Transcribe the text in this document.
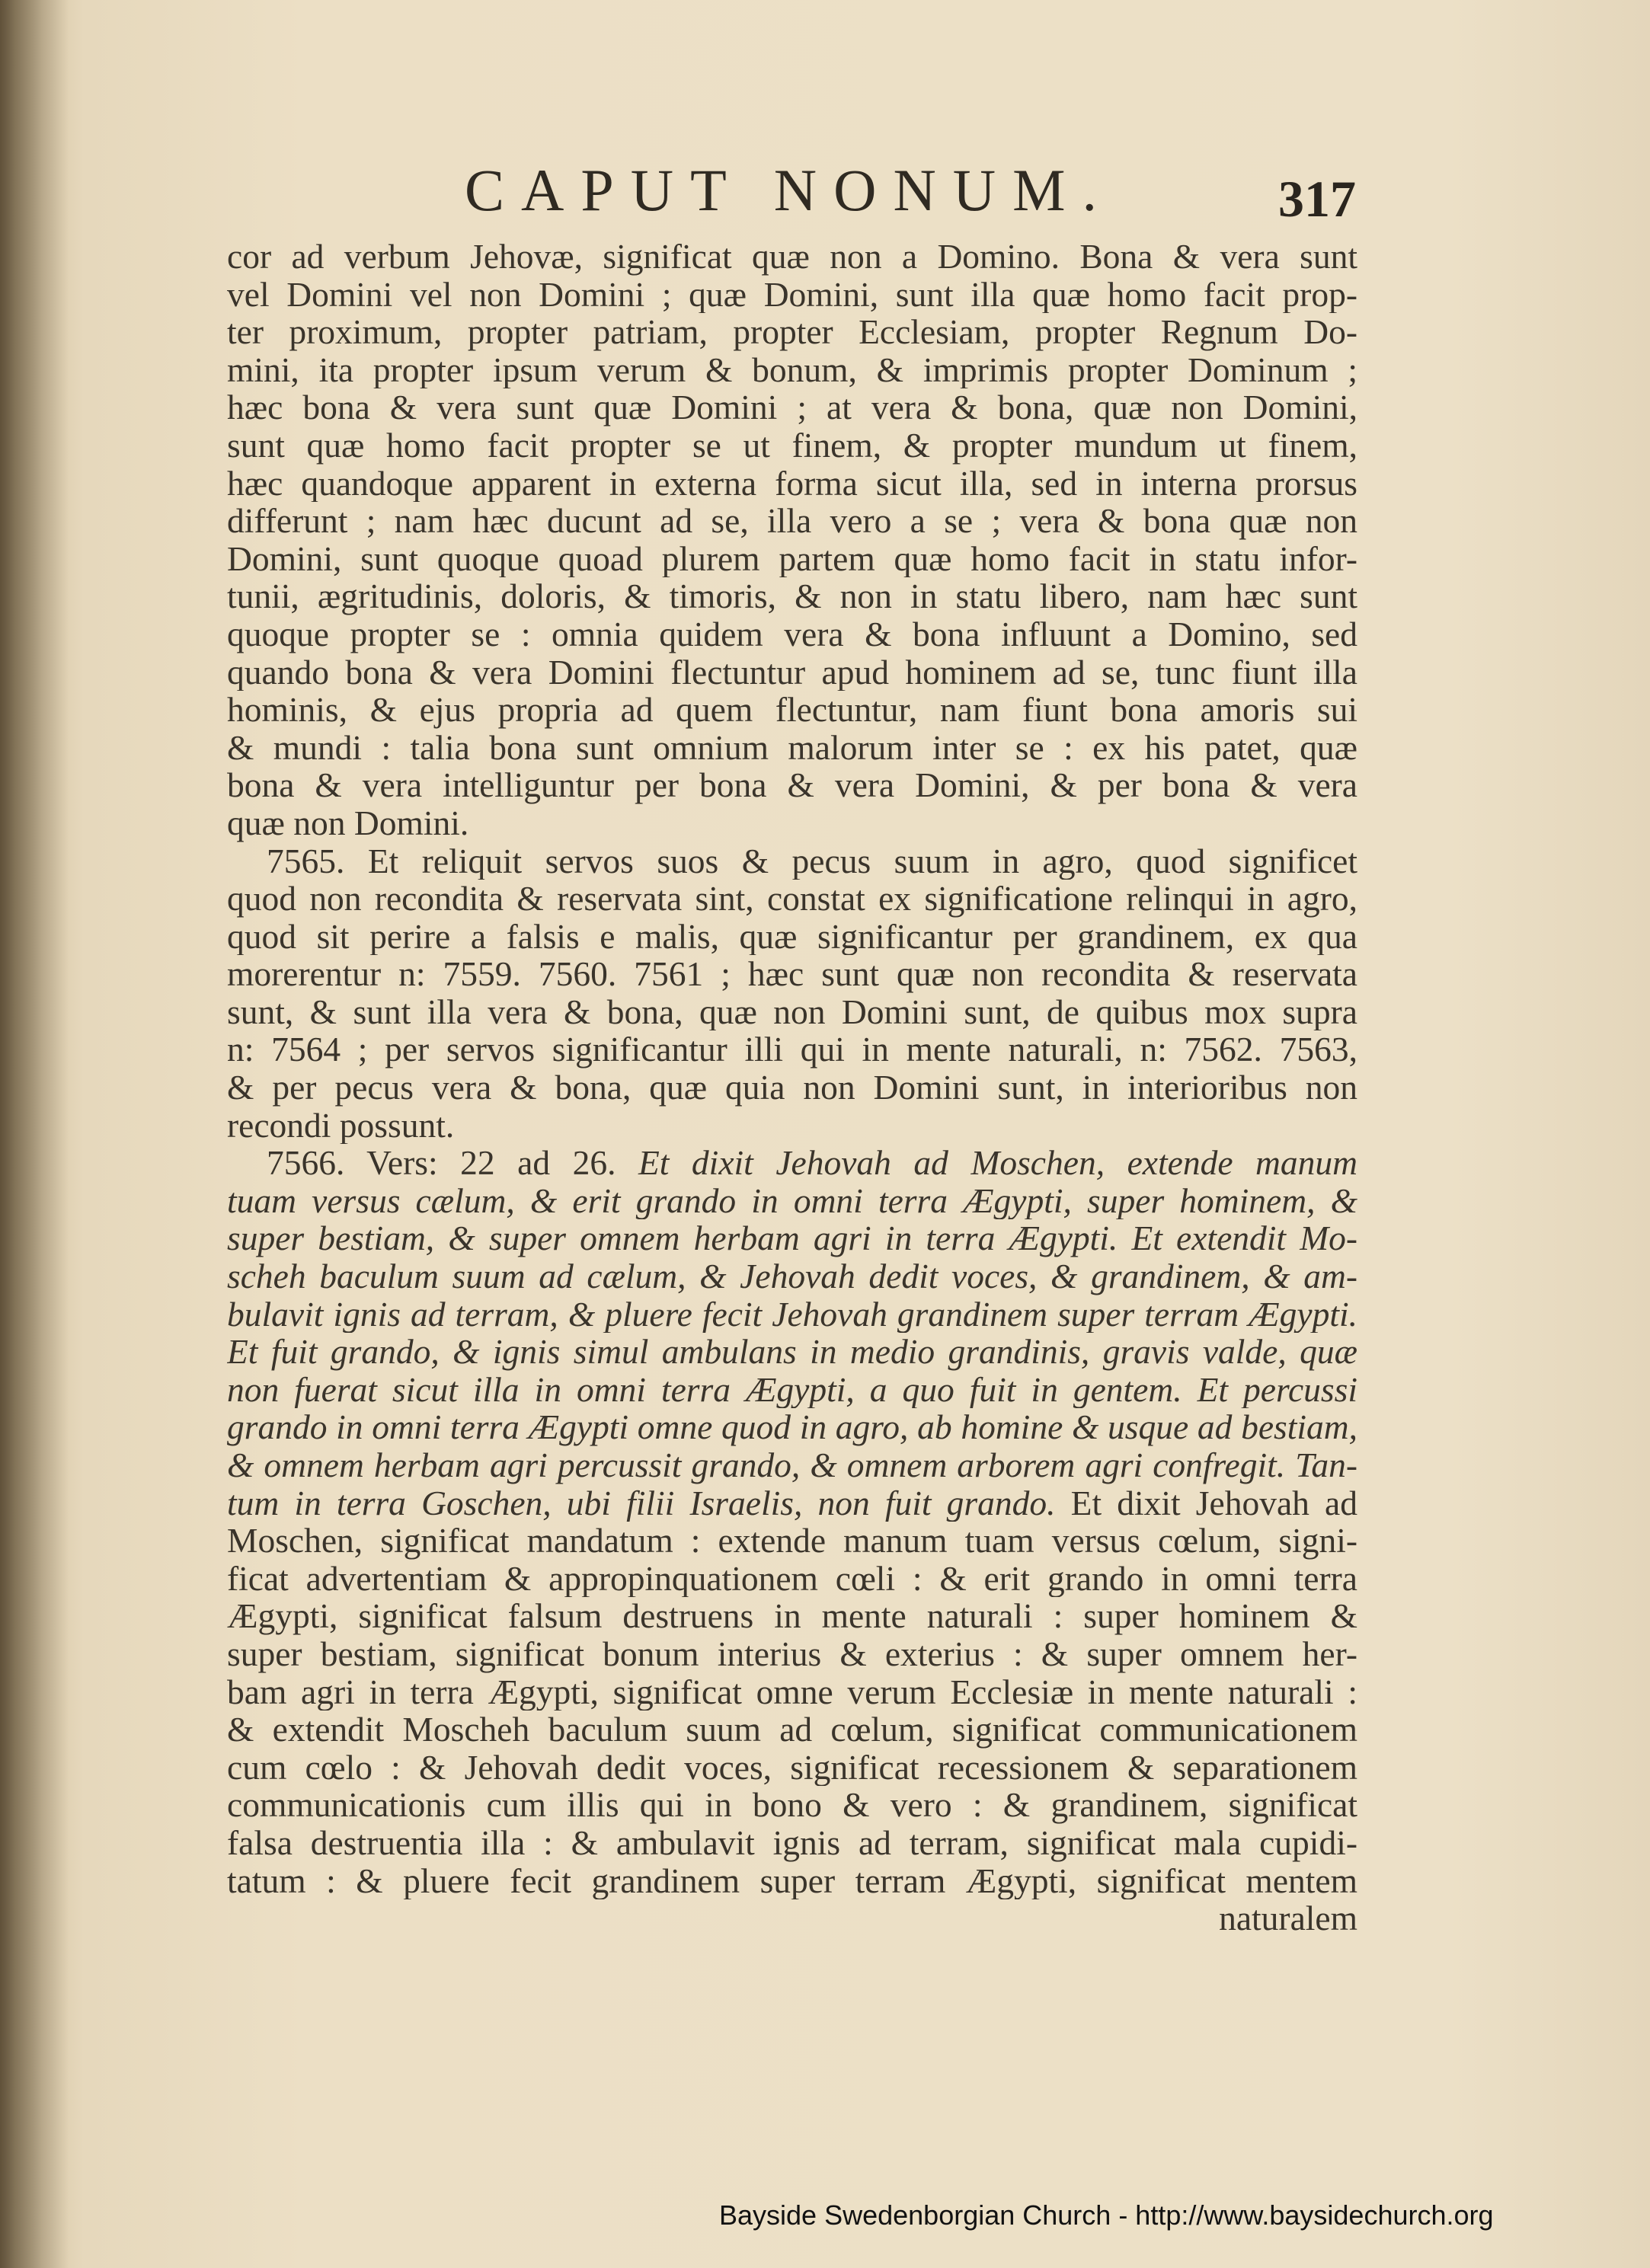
CAPUT NONUM.	317
cor ad verbum Jehovæ, significat quæ non a Domino. Bona & vera sunt
vel Domini vel non Domini ; quæ Domini, sunt illa quæ homo facit prop-
ter proximum, propter patriam, propter Ecclesiam, propter Regnum Do-
mini, ita propter ipsum verum & bonum, & imprimis propter Dominum ;
hæc bona & vera sunt quæ Domini ; at vera & bona, quæ non Domini,
sunt quæ homo facit propter se ut finem, & propter mundum ut finem,
hæc quandoque apparent in externa forma sicut illa, sed in interna prorsus
differunt ; nam hæc ducunt ad se, illa vero a se ; vera & bona quæ non
Domini, sunt quoque quoad plurem partem quæ homo facit in statu infor-
tunii, ægritudinis, doloris, & timoris, & non in statu libero, nam hæc sunt
quoque propter se : omnia quidem vera & bona influunt a Domino, sed
quando bona & vera Domini flectuntur apud hominem ad se, tunc fiunt illa
hominis, & ejus propria ad quem flectuntur, nam fiunt bona amoris sui
& mundi : talia bona sunt omnium malorum inter se : ex his patet, quæ
bona & vera intelliguntur per bona & vera Domini, & per bona & vera
quæ non Domini.
7565. Et reliquit servos suos & pecus suum in agro, quod significet
quod non recondita & reservata sint, constat ex significatione relinqui in agro,
quod sit perire a falsis e malis, quæ significantur per grandinem, ex qua
morerentur n: 7559. 7560. 7561 ; hæc sunt quæ non recondita & reservata
sunt, & sunt illa vera & bona, quæ non Domini sunt, de quibus mox supra
n: 7564 ; per servos significantur illi qui in mente naturali, n: 7562. 7563,
& per pecus vera & bona, quæ quia non Domini sunt, in interioribus non
recondi possunt.
7566. Vers: 22 ad 26. Et dixit Jehovah ad Moschen, extende manum
tuam versus cælum, & erit grando in omni terra Ægypti, super hominem, &
super bestiam, & super omnem herbam agri in terra Ægypti. Et extendit Mo-
scheh baculum suum ad cælum, & Jehovah dedit voces, & grandinem, & am-
bulavit ignis ad terram, & pluere fecit Jehovah grandinem super terram Ægypti.
Et fuit grando, & ignis simul ambulans in medio grandinis, gravis valde, quæ
non fuerat sicut illa in omni terra Ægypti, a quo fuit in gentem. Et percussi
grando in omni terra Ægypti omne quod in agro, ab homine & usque ad bestiam,
& omnem herbam agri percussit grando, & omnem arborem agri confregit. Tan-
tum in terra Goschen, ubi filii Israelis, non fuit grando. Et dixit Jehovah ad
Moschen, significat mandatum : extende manum tuam versus cœlum, signi-
ficat advertentiam & appropinquationem cœli : & erit grando in omni terra
Ægypti, significat falsum destruens in mente naturali : super hominem &
super bestiam, significat bonum interius & exterius : & super omnem her-
bam agri in terra Ægypti, significat omne verum Ecclesiæ in mente naturali :
& extendit Moscheh baculum suum ad cœlum, significat communicationem
cum cœlo : & Jehovah dedit voces, significat recessionem & separationem
communicationis cum illis qui in bono & vero : & grandinem, significat
falsa destruentia illa : & ambulavit ignis ad terram, significat mala cupidi-
tatum : & pluere fecit grandinem super terram Ægypti, significat mentem
naturalem
Bayside Swedenborgian Church - http://www.baysidechurch.org
